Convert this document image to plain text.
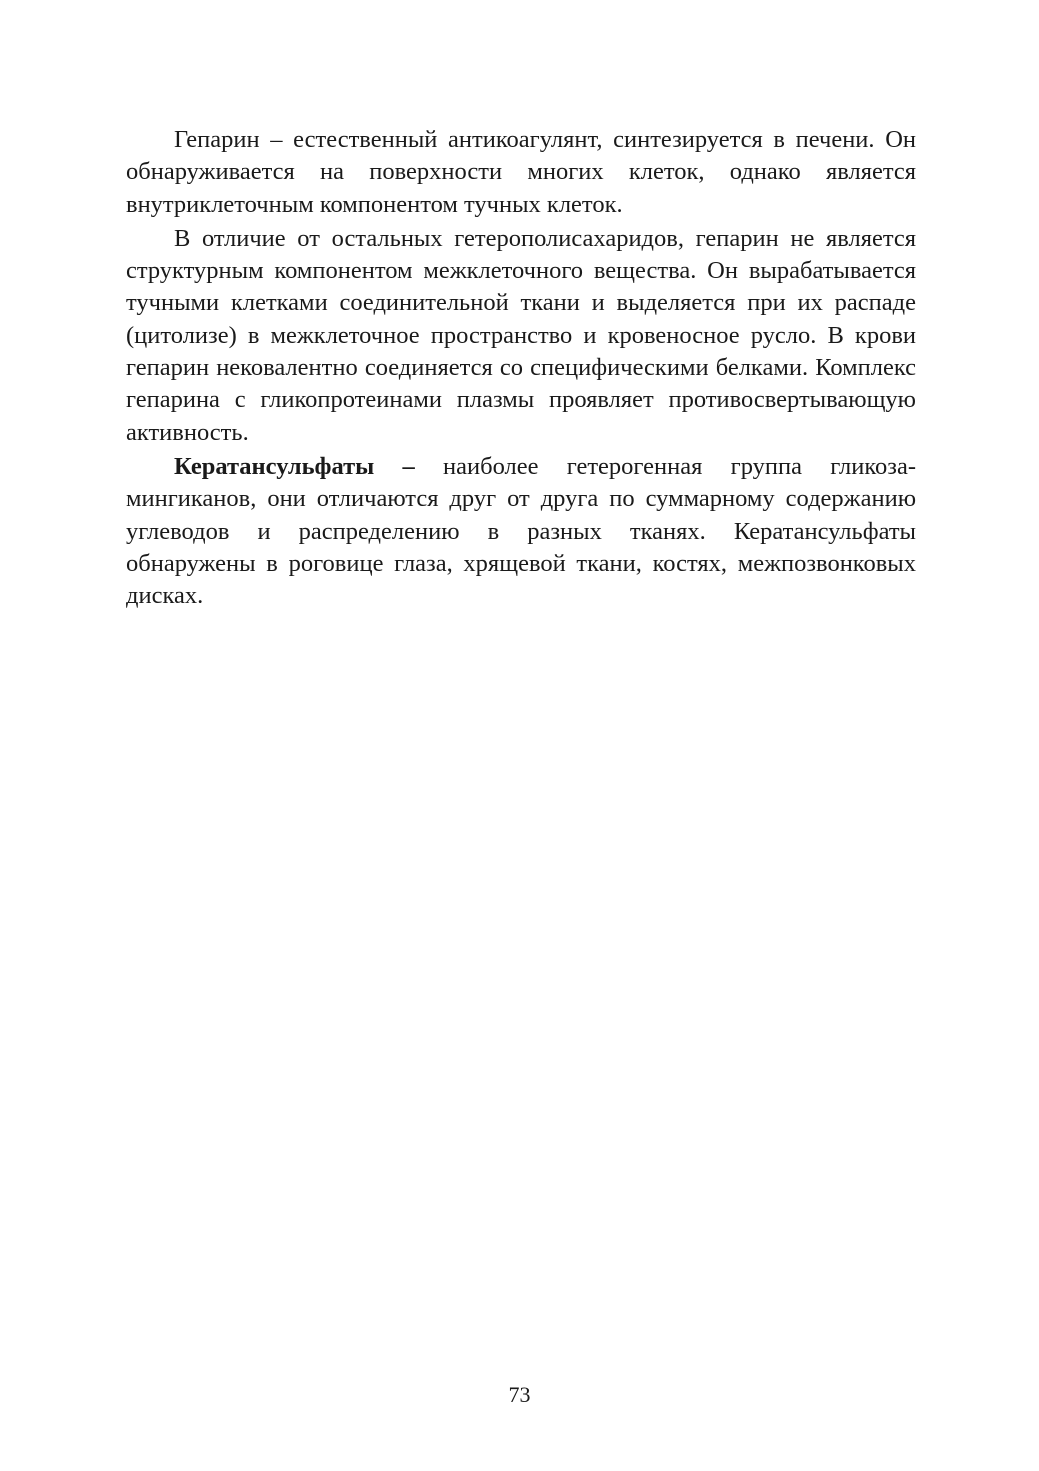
Гепарин – естественный антикоагулянт, синтезируется в печени. Он обнаруживается на поверхности многих клеток, однако является внутриклеточным компонентом тучных клеток.

В отличие от остальных гетерополисахаридов, гепарин не является структурным компонентом межклеточного вещества. Он вырабатывается тучными клетками соединительной ткани и выделяется при их распаде (цитолизе) в межклеточное пространство и кровеносное русло. В крови гепарин нековалентно соединяется со специфическими белками. Комплекс гепарина с гликопротеинами плазмы проявляет противосвертывающую активность.

Кератансульфаты – наиболее гетерогенная группа гликозамингиканов, они отличаются друг от друга по суммарному содержанию углеводов и распределению в разных тканях. Кератансульфаты обнаружены в роговице глаза, хрящевой ткани, костях, межпозвонковых дисках.

73
